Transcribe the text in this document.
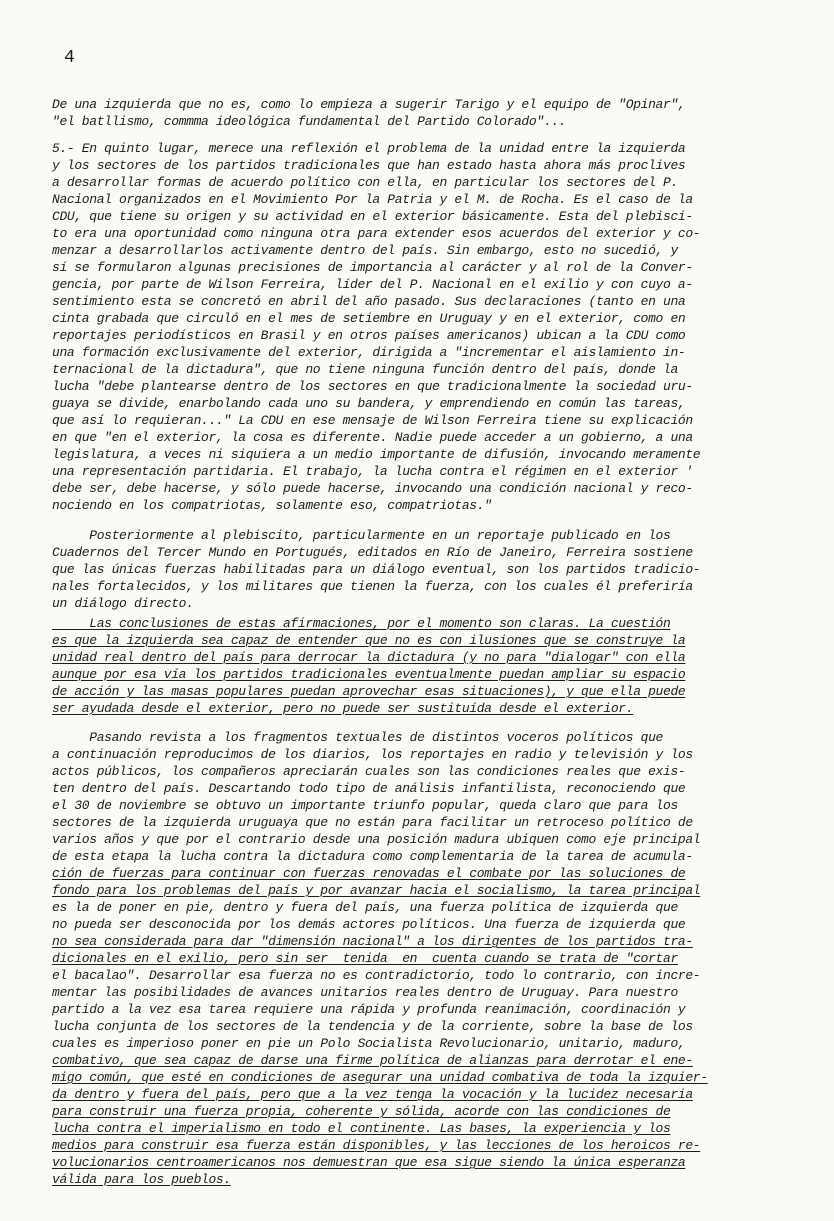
4
De una izquierda que no es, como lo empieza a sugerir Tarigo y el equipo de "Opinar",
"el batllismo, commma ideológica fundamental del Partido Colorado"...
5.- En quinto lugar, merece una reflexión el problema de la unidad entre la izquierda
y los sectores de los partidos tradicionales que han estado hasta ahora más proclives
a desarrollar formas de acuerdo político con ella, en particular los sectores del P.
Nacional organizados en el Movimiento Por la Patria y el M. de Rocha. Es el caso de la
CDU, que tiene su origen y su actividad en el exterior básicamente. Esta del plebisci-
to era una oportunidad como ninguna otra para extender esos acuerdos del exterior y co-
menzar a desarrollarlos activamente dentro del país. Sin embargo, esto no sucedió, y
sí se formularon algunas precisiones de importancia al carácter y al rol de la Conver-
gencia, por parte de Wilson Ferreira, líder del P. Nacional en el exilio y con cuyo a-
sentimiento esta se concretó en abril del año pasado. Sus declaraciones (tanto en una
cinta grabada que circuló en el mes de setiembre en Uruguay y en el exterior, como en
reportajes periodísticos en Brasil y en otros países americanos) ubican a la CDU como
una formación exclusivamente del exterior, dirigida a "incrementar el aislamiento in-
ternacional de la dictadura", que no tiene ninguna función dentro del país, donde la
lucha "debe plantearse dentro de los sectores en que tradicionalmente la sociedad uru-
guaya se divide, enarbolando cada uno su bandera, y emprendiendo en común las tareas,
que así lo requieran..." La CDU en ese mensaje de Wilson Ferreira tiene su explicación
en que "en el exterior, la cosa es diferente. Nadie puede acceder a un gobierno, a una
legislatura, a veces ni siquiera a un medio importante de difusión, invocando meramente
una representación partidaria. El trabajo, la lucha contra el régimen en el exterior '
debe ser, debe hacerse, y sólo puede hacerse, invocando una condición nacional y reco-
nociendo en los compatriotas, solamente eso, compatriotas."
Posteriormente al plebiscito, particularmente en un reportaje publicado en los
Cuadernos del Tercer Mundo en Portugués, editados en Río de Janeiro, Ferreira sostiene
que las únicas fuerzas habilitadas para un diálogo eventual, son los partidos tradicio-
nales fortalecidos, y los militares que tienen la fuerza, con los cuales él preferiría
un diálogo directo.
Las conclusiones de estas afirmaciones, por el momento son claras. La cuestión
es que la izquierda sea capaz de entender que no es con ilusiones que se construye la
unidad real dentro del país para derrocar la dictadura (y no para "dialogar" con ella
aunque por esa vía los partidos tradicionales eventualmente puedan ampliar su espacio
de acción y las masas populares puedan aprovechar esas situaciones), y que ella puede
ser ayudada desde el exterior, pero no puede ser sustituída desde el exterior.
Pasando revista a los fragmentos textuales de distintos voceros políticos que
a continuación reproducimos de los diarios, los reportajes en radio y televisión y los
actos públicos, los compañeros apreciarán cuales son las condiciones reales que exis-
ten dentro del país. Descartando todo tipo de análisis infantilista, reconociendo que
el 30 de noviembre se obtuvo un importante triunfo popular, queda claro que para los
sectores de la izquierda uruguaya que no están para facilitar un retroceso político de
varios años y que por el contrario desde una posición madura ubiquen como eje principal
de esta etapa la lucha contra la dictadura como complementaria de la tarea de acumula-
ción de fuerzas para continuar con fuerzas renovadas el combate por las soluciones de
fondo para los problemas del país y por avanzar hacia el socialismo, la tarea principal
es la de poner en pie, dentro y fuera del país, una fuerza política de izquierda que
no pueda ser desconocida por los demás actores políticos. Una fuerza de izquierda que
no sea considerada para dar "dimensión nacional" a los dirigentes de los partidos tra-
dicionales en el exilio, pero sin ser  tenida  en  cuenta cuando se trata de "cortar
el bacalao". Desarrollar esa fuerza no es contradictorio, todo lo contrario, con incre-
mentar las posibilidades de avances unitarios reales dentro de Uruguay. Para nuestro
partido a la vez esa tarea requiere una rápida y profunda reanimación, coordinación y
lucha conjunta de los sectores de la tendencia y de la corriente, sobre la base de los
cuales es imperioso poner en pie un Polo Socialista Revolucionario, unitario, maduro,
combativo, que sea capaz de darse una firme política de alianzas para derrotar el ene-
migo común, que esté en condiciones de asegurar una unidad combativa de toda la izquier-
da dentro y fuera del país, pero que a la vez tenga la vocación y la lucidez necesaria
para construir una fuerza propia, coherente y sólida, acorde con las condiciones de
lucha contra el imperialismo en todo el continente. Las bases, la experiencia y los
medios para construir esa fuerza están disponibles, y las lecciones de los heroicos re-
volucionarios centroamericanos nos demuestran que esa sigue siendo la única esperanza
válida para los pueblos.
